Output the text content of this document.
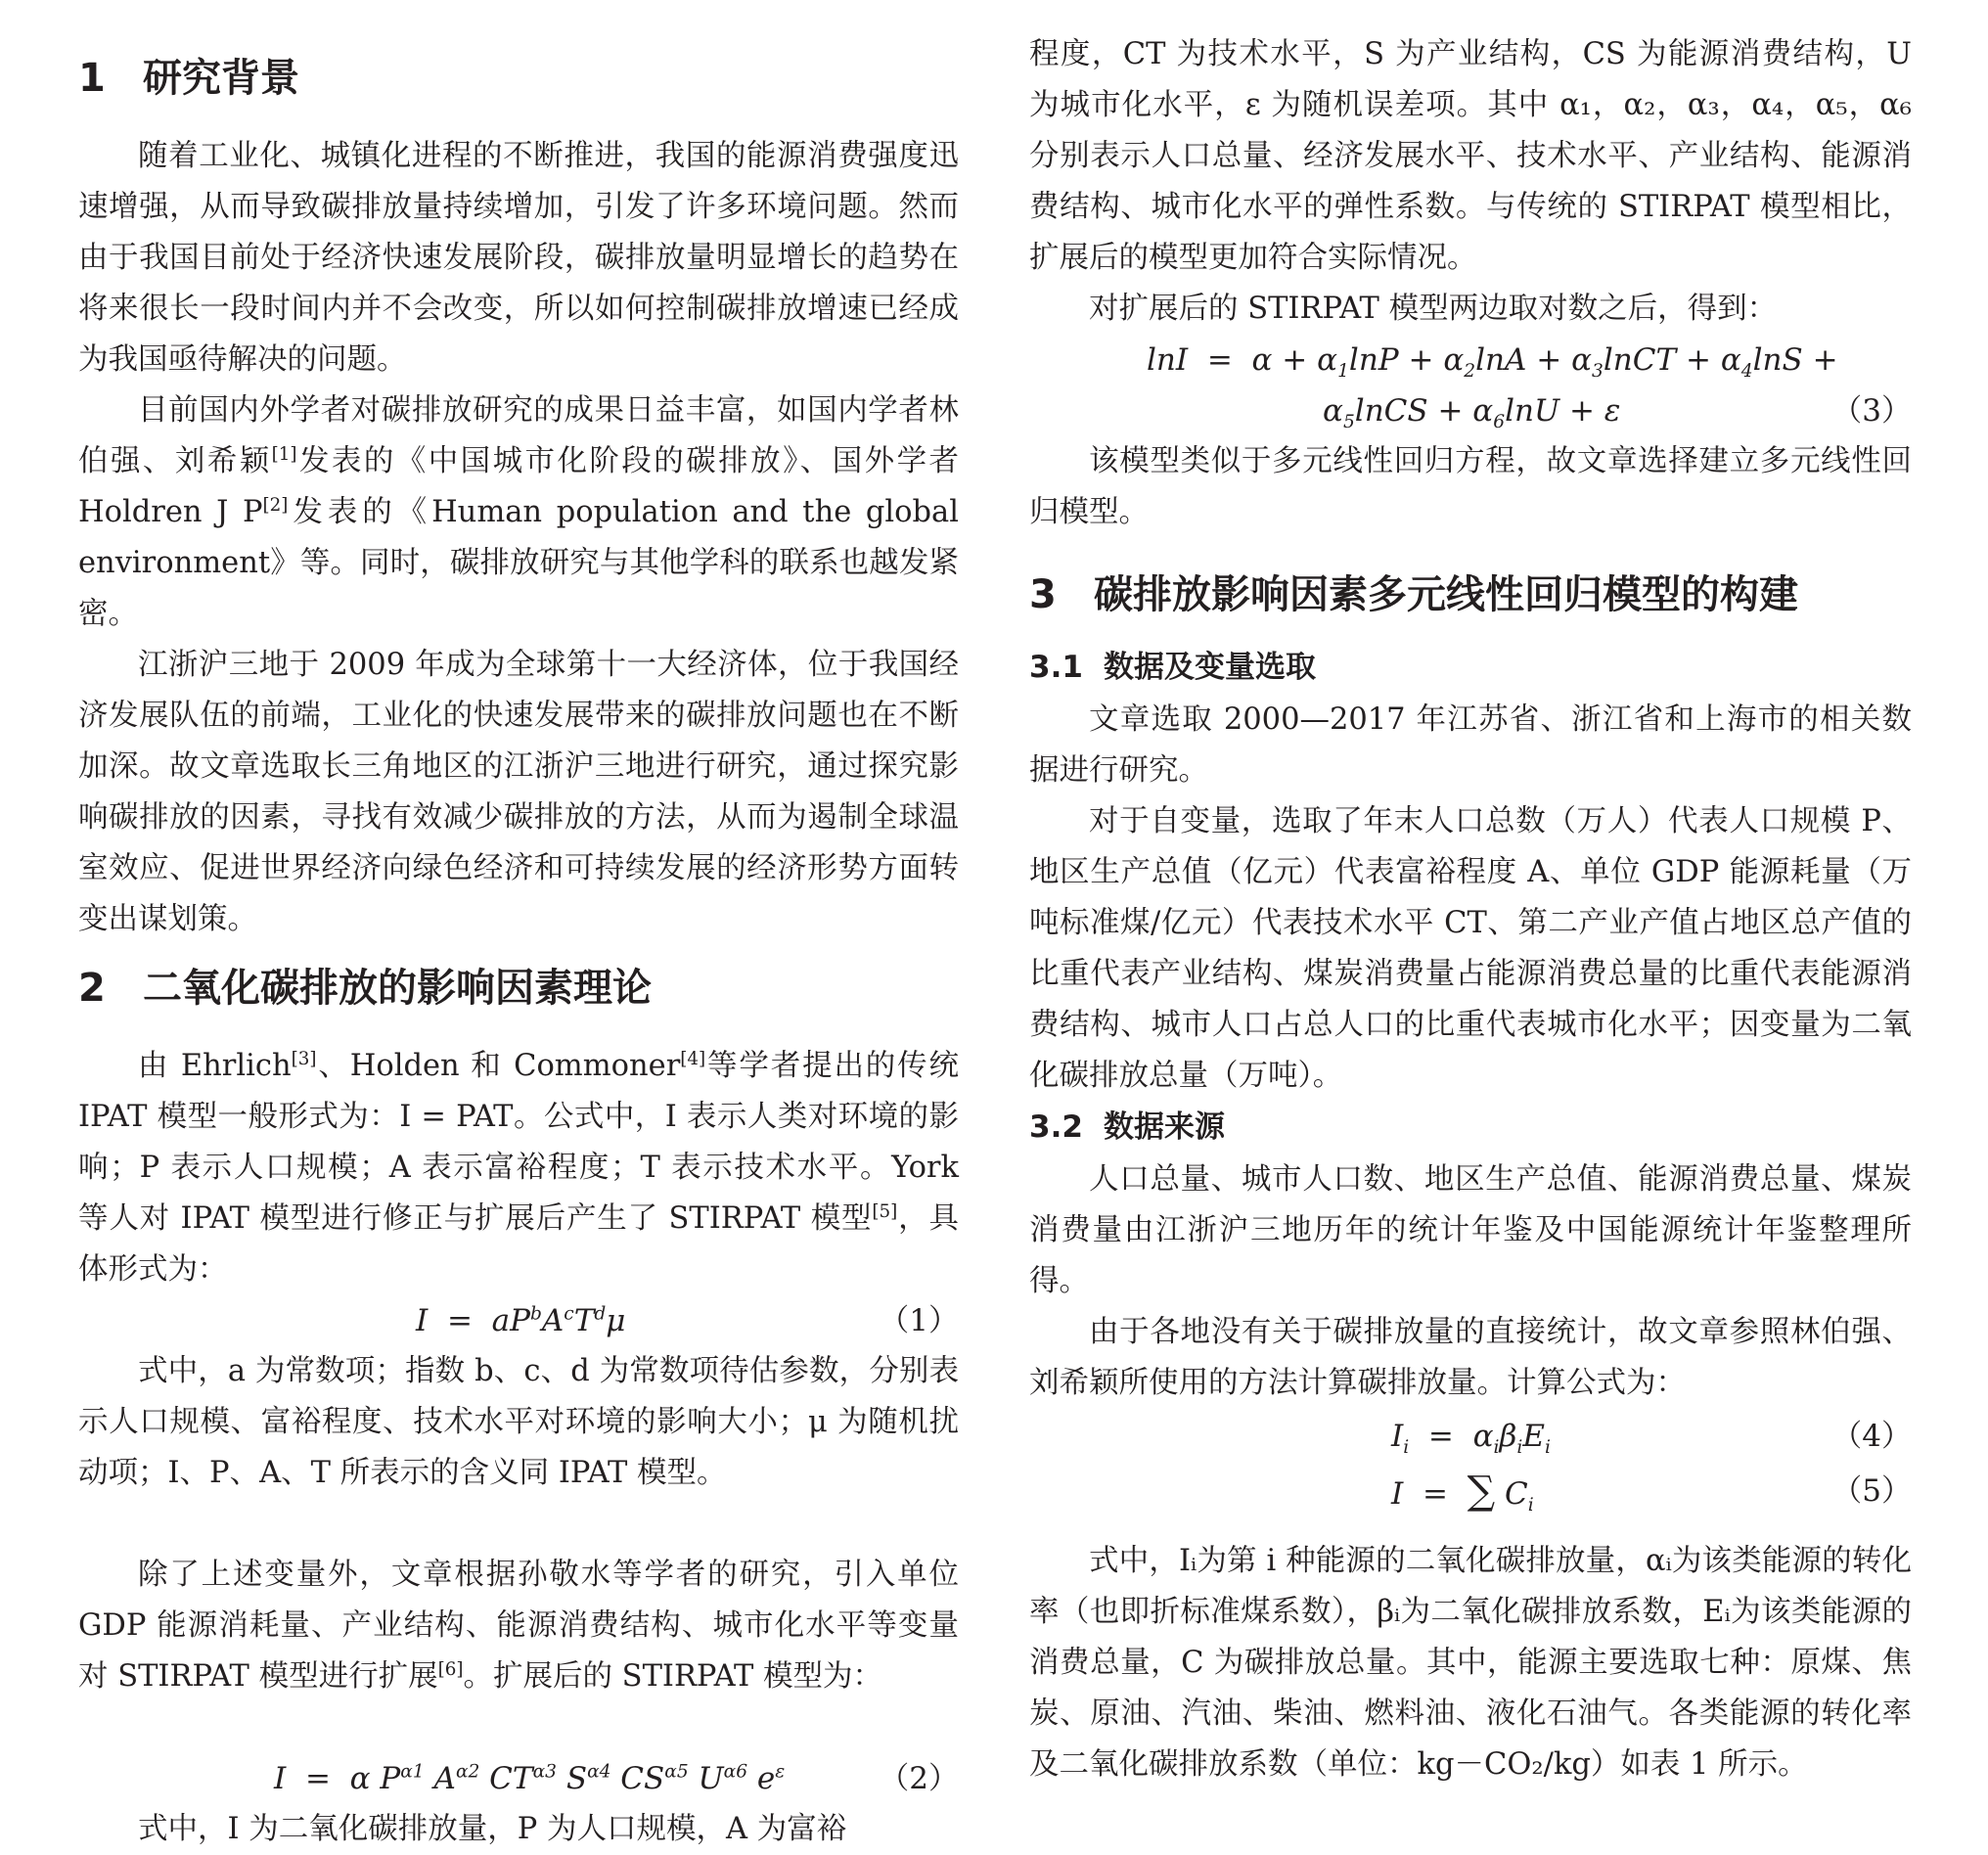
1 研究背景

随着工业化、城镇化进程的不断推进，我国的能源消费强度迅速增强，从而导致碳排放量持续增加，引发了许多环境问题。然而由于我国目前处于经济快速发展阶段，碳排放量明显增长的趋势在将来很长一段时间内并不会改变，所以如何控制碳排放增速已经成为我国亟待解决的问题。

目前国内外学者对碳排放研究的成果日益丰富，如国内学者林伯强、刘希颖[1]发表的《中国城市化阶段的碳排放》、国外学者 Holdren J P[2]发表的《Human population and the global environment》等。同时，碳排放研究与其他学科的联系也越发紧密。

江浙沪三地于 2009 年成为全球第十一大经济体，位于我国经济发展队伍的前端，工业化的快速发展带来的碳排放问题也在不断加深。故文章选取长三角地区的江浙沪三地进行研究，通过探究影响碳排放的因素，寻找有效减少碳排放的方法，从而为遏制全球温室效应、促进世界经济向绿色经济和可持续发展的经济形势方面转变出谋划策。

2 二氧化碳排放的影响因素理论

由 Ehrlich[3]、Holden 和 Commoner[4]等学者提出的传统 IPAT 模型一般形式为：I = PAT。公式中，I 表示人类对环境的影响；P 表示人口规模；A 表示富裕程度；T 表示技术水平。York 等人对 IPAT 模型进行修正与扩展后产生了 STIRPAT 模型[5]，具体形式为：

$I = aP^bA^cT^d\mu$	（1）

式中，a 为常数项；指数 b、c、d 为常数项待估参数，分别表示人口规模、富裕程度、技术水平对环境的影响大小；μ 为随机扰动项；I、P、A、T 所表示的含义同 IPAT 模型。

除了上述变量外，文章根据孙敬水等学者的研究，引入单位 GDP 能源消耗量、产业结构、能源消费结构、城市化水平等变量对 STIRPAT 模型进行扩展[6]。扩展后的 STIRPAT 模型为：

I  =  α $P^{\alpha 1}$ $A^{\alpha 2}$ $CT^{\alpha 3}$ $S^{\alpha 4}$ $CS^{\alpha 5}$ $U^{\alpha 6}$ $e^\varepsilon$	（2）

式中，I 为二氧化碳排放量，P 为人口规模，A 为富裕

程度，CT 为技术水平，S 为产业结构，CS 为能源消费结构，U 为城市化水平，ε 为随机误差项。其中 α₁，α₂，α₃，α₄，α₅，α₆ 分别表示人口总量、经济发展水平、技术水平、产业结构、能源消费结构、城市化水平的弹性系数。与传统的 STIRPAT 模型相比，扩展后的模型更加符合实际情况。

对扩展后的 STIRPAT 模型两边取对数之后，得到：

$\ln I = \alpha + \alpha_1\ln P + \alpha_2\ln A$ + $\alpha_3lnCT + \alpha_4\ln S$ +
$\alpha_5lnCS + \alpha_6\ln U + \varepsilon$	（3）

该模型类似于多元线性回归方程，故文章选择建立多元线性回归模型。

3 碳排放影响因素多元线性回归模型的构建
3.1 数据及变量选取

文章选取 2000—2017 年江苏省、浙江省和上海市的相关数据进行研究。

对于自变量，选取了年末人口总数（万人）代表人口规模 P、地区生产总值（亿元）代表富裕程度 A、单位 GDP 能源耗量（万吨标准煤/亿元）代表技术水平 CT、第二产业产值占地区总产值的比重代表产业结构、煤炭消费量占能源消费总量的比重代表能源消费结构、城市人口占总人口的比重代表城市化水平；因变量为二氧化碳排放总量（万吨）。

3.2 数据来源

人口总量、城市人口数、地区生产总值、能源消费总量、煤炭消费量由江浙沪三地历年的统计年鉴及中国能源统计年鉴整理所得。

由于各地没有关于碳排放量的直接统计，故文章参照林伯强、刘希颖所使用的方法计算碳排放量。计算公式为：

$I_i = \alpha_i\beta_iE_i$	（4）
I  =  ∑ $C_i$	（5）

式中，Iᵢ为第 i 种能源的二氧化碳排放量，αᵢ为该类能源的转化率（也即折标准煤系数），βᵢ为二氧化碳排放系数，Eᵢ为该类能源的消费总量，C 为碳排放总量。其中，能源主要选取七种：原煤、焦炭、原油、汽油、柴油、燃料油、液化石油气。各类能源的转化率及二氧化碳排放系数（单位：kg－CO₂/kg）如表 1 所示。
